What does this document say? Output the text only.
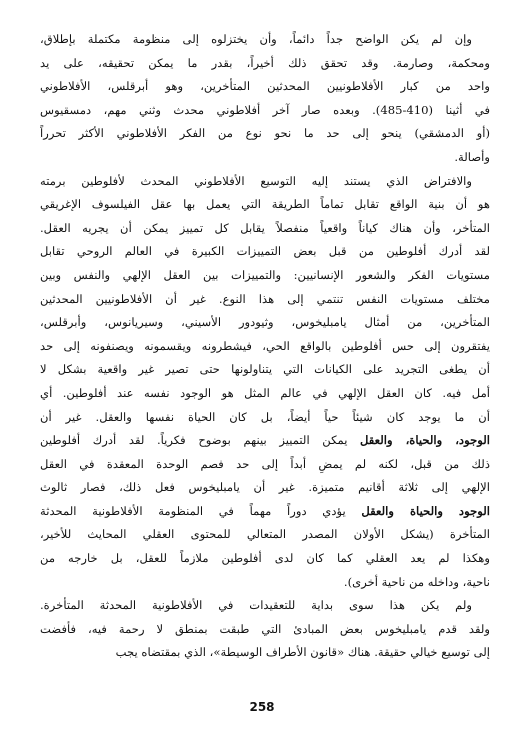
وإن لم يكن الواضح جداً دائماً، وأن يختزلوه إلى منظومة مكتملة بإطلاق،
ومحكمة، وصارمة. وقد تحقق ذلك أخيراً، بقدر ما يمكن تحقيقه، على يد
واحد من كبار الأفلاطونيين المحدثين المتأخرين، وهو أبرقلس، الأفلاطوني
في أثينا (410-485). وبعده صار آخر أفلاطوني محدث وثني مهم، دمسقيوس
(أو الدمشقي) ينحو إلى حد ما نحو نوع من الفكر الأفلاطوني الأكثر تحرراً
وأصالة.
والافتراض الذي يستند إليه التوسيع الأفلاطوني المحدث لأفلوطين برمته
هو أن بنية الواقع تقابل تماماً الطريقة التي يعمل بها عقل الفيلسوف الإغريقي
المتأخر، وأن هناك كياناً واقعياً منفصلاً يقابل كل تمييز يمكن أن يجريه العقل.
لقد أدرك أفلوطين من قبل بعض التمييزات الكبيرة في العالم الروحي تقابل
مستويات الفكر والشعور الإنسانيين: والتمييزات بين العقل الإلهي والنفس وبين
مختلف مستويات النفس تنتمي إلى هذا النوع. غير أن الأفلاطونيين المحدثين
المتأخرين، من أمثال يامبليخوس، وثيودور الأسيني، وسيريانوس، وأبرقلس،
يفتقرون إلى حس أفلوطين بالواقع الحي، فيشطرونه ويقسمونه ويصنفونه إلى حد
أن يطغى التجريد على الكيانات التي يتناولونها حتى تصير غير واقعية بشكل لا
أمل فيه. كان العقل الإلهي في عالم المثل هو الوجود نفسه عند أفلوطين. أي
أن ما يوجد كان شيئاً حياً أيضاً، بل كان الحياة نفسها والعقل. غير أن
الوجود، والحياة، والعقل يمكن التمييز بينهم بوضوح فكرياً. لقد أدرك أفلوطين
ذلك من قبل، لكنه لم يمضِ أبداً إلى حد فصم الوحدة المعقدة في العقل
الإلهي إلى ثلاثة أقانيم متميزة. غير أن يامبليخوس فعل ذلك، فصار ثالوث
الوجود والحياة والعقل يؤدي دوراً مهماً في المنظومة الأفلاطونية المحدثة
المتأخرة (يشكل الأولان المصدر المتعالي للمحتوى العقلي المحايث للأخير،
وهكذا لم يعد العقلي كما كان لدى أفلوطين ملازماً للعقل، بل خارجه من
ناحية، وداخله من ناحية أخرى).
ولم يكن هذا سوى بداية للتعقيدات في الأفلاطونية المحدثة المتأخرة.
ولقد قدم يامبليخوس بعض المبادئ التي طبقت بمنطق لا رحمة فيه، فأفضت
إلى توسيع خيالي حقيقة. هناك «قانون الأطراف الوسيطة»، الذي بمقتضاه يجب
258
